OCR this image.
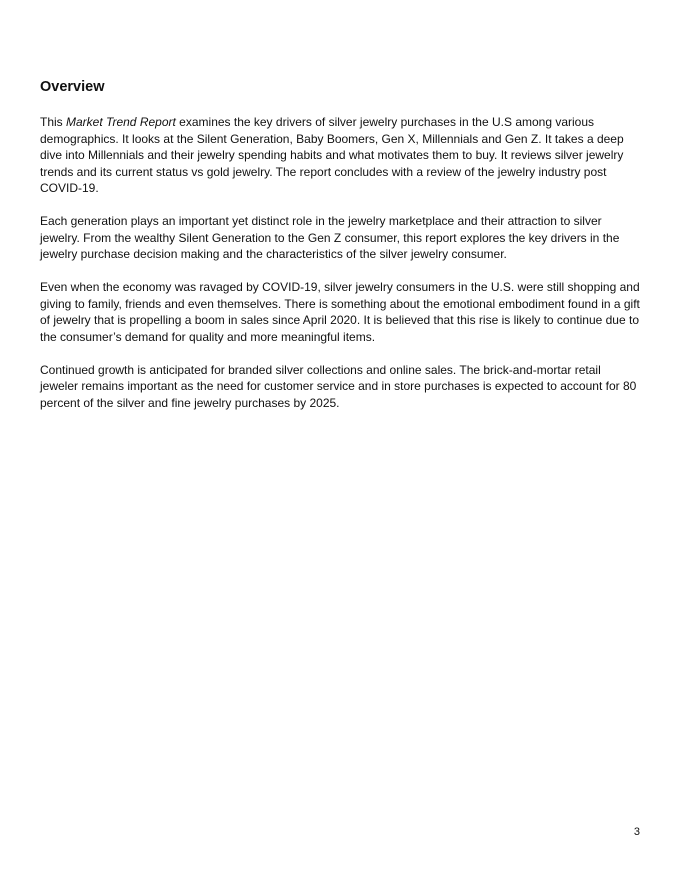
Overview

This Market Trend Report examines the key drivers of silver jewelry purchases in the U.S among various demographics. It looks at the Silent Generation, Baby Boomers, Gen X, Millennials and Gen Z. It takes a deep dive into Millennials and their jewelry spending habits and what motivates them to buy. It reviews silver jewelry trends and its current status vs gold jewelry. The report concludes with a review of the jewelry industry post COVID-19.

Each generation plays an important yet distinct role in the jewelry marketplace and their attraction to silver jewelry. From the wealthy Silent Generation to the Gen Z consumer, this report explores the key drivers in the jewelry purchase decision making and the characteristics of the silver jewelry consumer.

Even when the economy was ravaged by COVID-19, silver jewelry consumers in the U.S. were still shopping and giving to family, friends and even themselves. There is something about the emotional embodiment found in a gift of jewelry that is propelling a boom in sales since April 2020. It is believed that this rise is likely to continue due to the consumer’s demand for quality and more meaningful items.

Continued growth is anticipated for branded silver collections and online sales. The brick-and-mortar retail jeweler remains important as the need for customer service and in store purchases is expected to account for 80 percent of the silver and fine jewelry purchases by 2025.

3
